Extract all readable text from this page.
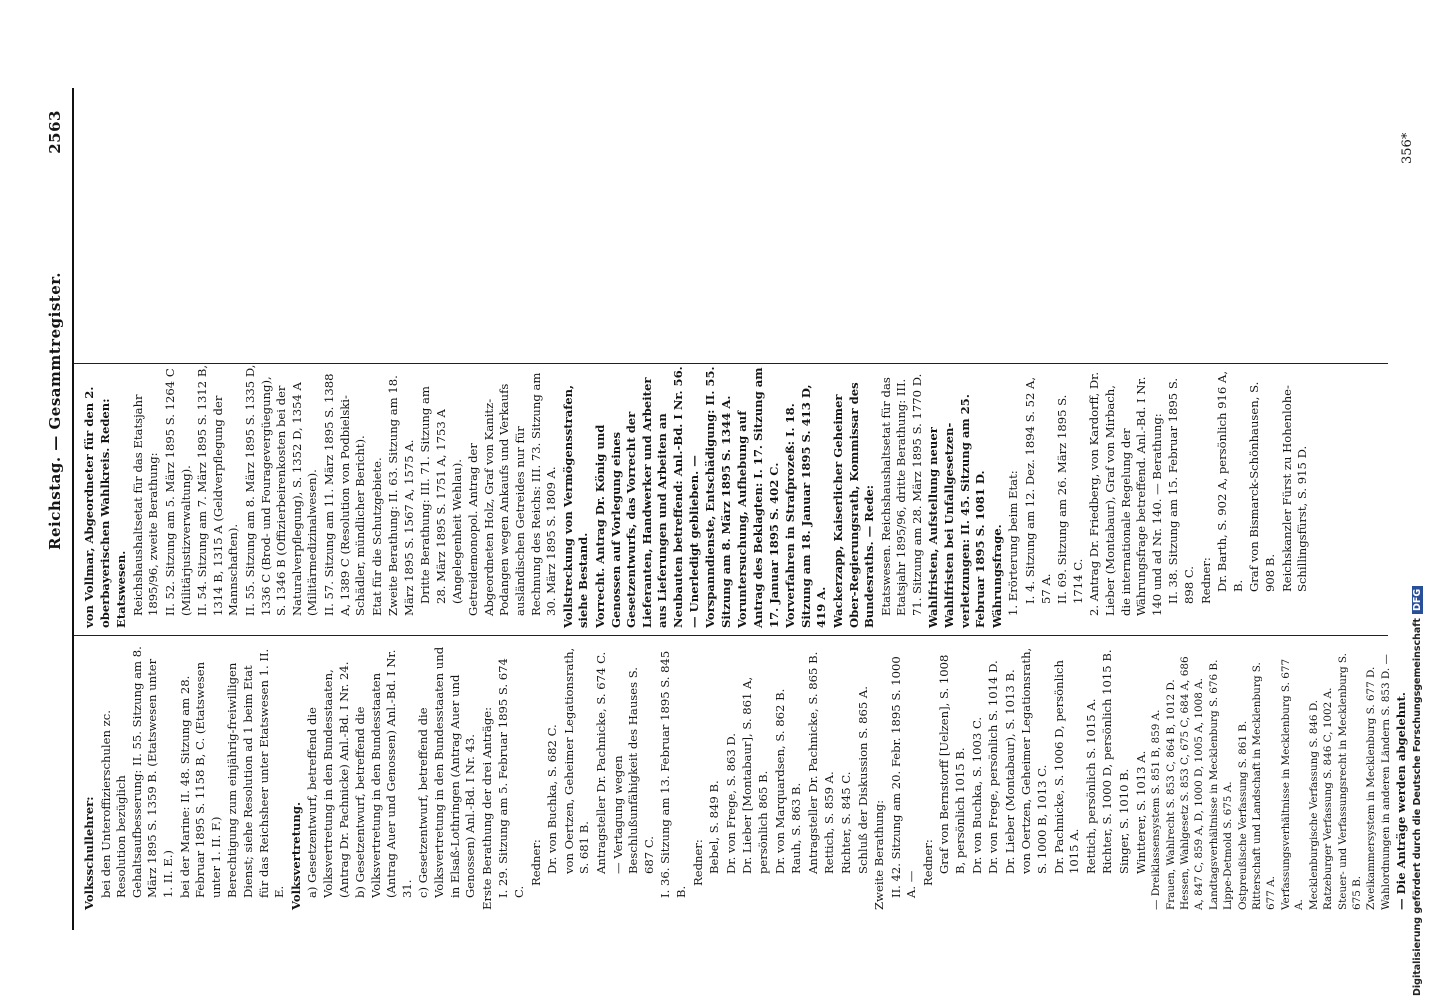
Reichstag. — Gesammtregister.
2563

Volksschullehrer: bei den Unteroffizierschulen zc. Resolution bezüglich Gehaltsaufbesserung: II. 55. Sitzung am 8. März 1895 S. 1359 B. (Etatswesen unter 1. II. E.) bei der Marine: II. 48. Sitzung am 28. Februar 1895 S. 1158 B, C. (Etatswesen unter 1. II. F.) Berechtigung zum einjährig-freiwilligen Dienst; siehe Resolution ad 1 beim Etat für das Reichsheer unter Etatswesen 1. II. E. Volksvertretung. a) Gesetzentwurf, betreffend die Volksvertretung in den Bundesstaaten, (Antrag Dr. Pachnicke) Anl.-Bd. I Nr. 24. b) Gesetzentwurf, betreffend die Volksvertretung in den Bundesstaaten (Antrag Auer und Genossen) Anl.-Bd. I Nr. 31. c) Gesetzentwurf, betreffend die Volksvertretung in den Bundesstaaten und in Elsaß-Lothringen (Antrag Auer und Genossen) Anl.-Bd. I Nr. 43. Erste Berathung der drei Anträge: I. 29. Sitzung am 5. Februar 1895 S. 674 C.

Redner: Dr. von Buchka, S. 682 C. von Oertzen, Geheimer Legationsrath, S. 681 B. Antragsteller Dr. Pachnicke, S. 674 C. — Vertagung wegen Beschlußunfähigkeit des Hauses S. 687 C. I. 36. Sitzung am 13. Februar 1895 S. 845 B.

Redner: Bebel, S. 849 B. Dr. von Frege, S. 863 D. Dr. Lieber [Montabaur], S. 861 A, persönlich 865 B. Dr. von Marquardsen, S. 862 B. Rauh, S. 863 B. Antragsteller Dr. Pachnicke, S. 865 B. Rettich, S. 859 A. Richter, S. 845 C. Schluß der Diskussion S. 865 A. Zweite Berathung: II. 42. Sitzung am 20. Febr. 1895 S. 1000 A. — Redner: Graf von Bernstorff [Uelzen], S. 1008 B, persönlich 1015 B. Dr. von Buchka, S. 1003 C. Dr. von Frege, persönlich S. 1014 D. Dr. Lieber (Montabaur), S. 1013 B. von Oertzen, Geheimer Legationsrath, S. 1000 B, 1013 C. Dr. Pachnicke, S. 1006 D, persönlich 1015 A. Rettich, persönlich S. 1015 A. Richter, S. 1000 D, persönlich 1015 B. Singer, S. 1010 B. Wintterer, S. 1013 A. — Dreiklassensystem S. 851 B, 859 A. Frauen, Wahlrecht S. 853 C, 864 B, 1012 D. Hessen, Wahlgesetz S. 853 C, 675 C, 684 A, 686 A, 847 C, 859 A, D, 1000 D, 1005 A, 1008 A. Landtagsverhältnisse in Mecklenburg S. 676 B. Lippe-Detmold S. 675 A. Ostpreußische Verfassung S. 861 B. Ritterschaft und Landschaft in Mecklenburg S. 677 A. Verfassungsverhältnisse in Mecklenburg S. 677 A. Mecklenburgische Verfassung S. 846 D. Ratzeburger Verfassung S. 846 C, 1002 A. Steuer- und Verfassungsrecht in Mecklenburg S. 675 B. Zweikammersystem in Mecklenburg S. 677 D. Wahlordnungen in anderen Ländern S. 853 D. — — Die Anträge werden abgelehnt.

von Vollmar, Abgeordneter für den 2. oberbayerischen Wahlkreis. Reden: Etatswesen. Reichshaushaltsetat für das Etatsjahr 1895/96, zweite Berathung: II. 52. Sitzung am 5. März 1895 S. 1264 C (Militärjustizverwaltung). II. 54. Sitzung am 7. März 1895 S. 1312 B, 1314 B, 1315 A (Geldverpflegung der Mannschaften). II. 55. Sitzung am 8. März 1895 S. 1335 D, 1336 C (Brod- und Fouragevergüegung), S. 1346 B (Offizierbeirenkosten bei der Naturalverpflegung), S. 1352 D, 1354 A (Militärmedizinalwesen). II. 57. Sitzung am 11. März 1895 S. 1388 A, 1389 C (Resolution von Podbielski-Schädler, mündlicher Bericht). Etat für die Schutzgebiete. Zweite Berathung: II. 63. Sitzung am 18. März 1895 S. 1567 A, 1575 A. Dritte Berathung: III. 71. Sitzung am 28. März 1895 S. 1751 A, 1753 A (Angelegenheit Wehlau). Getreidemonopol. Antrag der Abgeordneten Holz, Graf von Kanitz-Podangen wegen Ankaufs und Verkaufs ausländischen Getreides nur für Rechnung des Reichs: III. 73. Sitzung am 30. März 1895 S. 1809 A. Vollstreckung von Vermögensstrafen, siehe Bestand. Vorrecht. Antrag Dr. König und Genossen auf Vorlegung eines Gesetzentwurfs, das Vorrecht der Lieferanten, Handwerker und Arbeiter aus Lieferungen und Arbeiten an Neubauten betreffend: Anl.-Bd. I Nr. 56. — Unerledigt geblieben. — Vorspanndienste, Entschädigung: II. 55. Sitzung am 8. März 1895 S. 1344 A. Voruntersuchung, Aufhebung auf Antrag des Beklagten: I. 17. Sitzung am 17. Januar 1895 S. 402 C. Vorverfahren in Strafprozeß: I. 18. Sitzung am 18. Januar 1895 S. 413 D, 419 A. Wackerzapp, Kaiserlicher Geheimer Ober-Regierungsrath, Kommissar des Bundesraths. — Rede: Etatswesen. Reichshaushaltsetat für das Etatsjahr 1895/96, dritte Berathung: III. 71. Sitzung am 28. März 1895 S. 1770 D. Wahlfristen, Aufstellung neuer Wahlfristen bei Unfallgesetzen-verletzungen: II. 45. Sitzung am 25. Februar 1895 S. 1081 D. Währungsfrage. 1. Erörterung beim Etat: I. 4. Sitzung am 12. Dez. 1894 S. 52 A, 57 A. II. 69. Sitzung am 26. März 1895 S. 1714 C. 2. Antrag Dr. Friedberg, von Kardorff, Dr. Lieber (Montabaur), Graf von Mirbach, die internationale Regelung der Währungsfrage betreffend. Anl.-Bd. I Nr. 140 und ad Nr. 140. — Berathung: II. 38. Sitzung am 15. Februar 1895 S. 898 C. Redner: Dr. Barth, S. 902 A, persönlich 916 A, B. Graf von Bismarck-Schönhausen, S. 908 B. Reichskanzler Fürst zu Hohenlohe-Schillingsfürst, S. 915 D.

356*
Digitalisierung gefördert durch die Deutsche ForschungsgemeinschaftDFG
